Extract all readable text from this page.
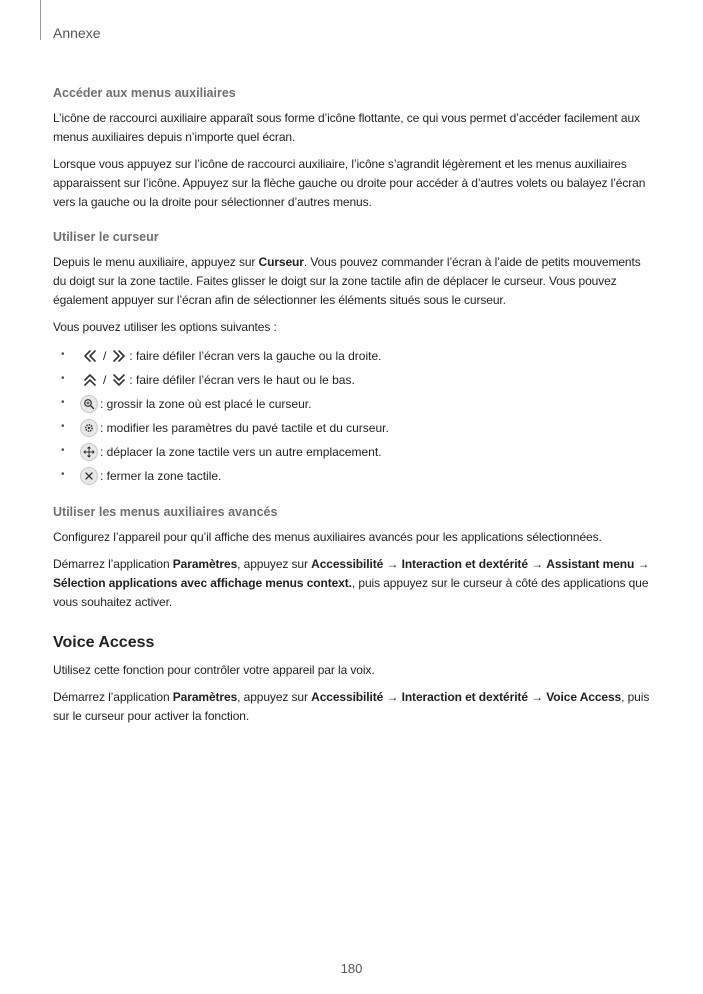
Annexe
Accéder aux menus auxiliaires

L’icône de raccourci auxiliaire apparaît sous forme d’icône flottante, ce qui vous permet d’accéder facilement aux menus auxiliaires depuis n’importe quel écran.

Lorsque vous appuyez sur l’icône de raccourci auxiliaire, l’icône s’agrandit légèrement et les menus auxiliaires apparaissent sur l’icône. Appuyez sur la flèche gauche ou droite pour accéder à d’autres volets ou balayez l’écran vers la gauche ou la droite pour sélectionner d’autres menus.

Utiliser le curseur

Depuis le menu auxiliaire, appuyez sur Curseur. Vous pouvez commander l’écran à l’aide de petits mouvements du doigt sur la zone tactile. Faites glisser le doigt sur la zone tactile afin de déplacer le curseur. Vous pouvez également appuyer sur l’écran afin de sélectionner les éléments situés sous le curseur.

Vous pouvez utiliser les options suivantes :

•	/ : faire défiler l’écran vers la gauche ou la droite.
•	/ : faire défiler l’écran vers le haut ou le bas.
•	: grossir la zone où est placé le curseur.
•	: modifier les paramètres du pavé tactile et du curseur.
•	: déplacer la zone tactile vers un autre emplacement.
•	: fermer la zone tactile.
Utiliser les menus auxiliaires avancés

Configurez l’appareil pour qu’il affiche des menus auxiliaires avancés pour les applications sélectionnées.

Démarrez l’application Paramètres, appuyez sur Accessibilité → Interaction et dextérité → Assistant menu → Sélection applications avec affichage menus context., puis appuyez sur le curseur à côté des applications que vous souhaitez activer.

Voice Access

Utilisez cette fonction pour contrôler votre appareil par la voix.

Démarrez l’application Paramètres, appuyez sur Accessibilité → Interaction et dextérité → Voice Access, puis sur le curseur pour activer la fonction.

180
